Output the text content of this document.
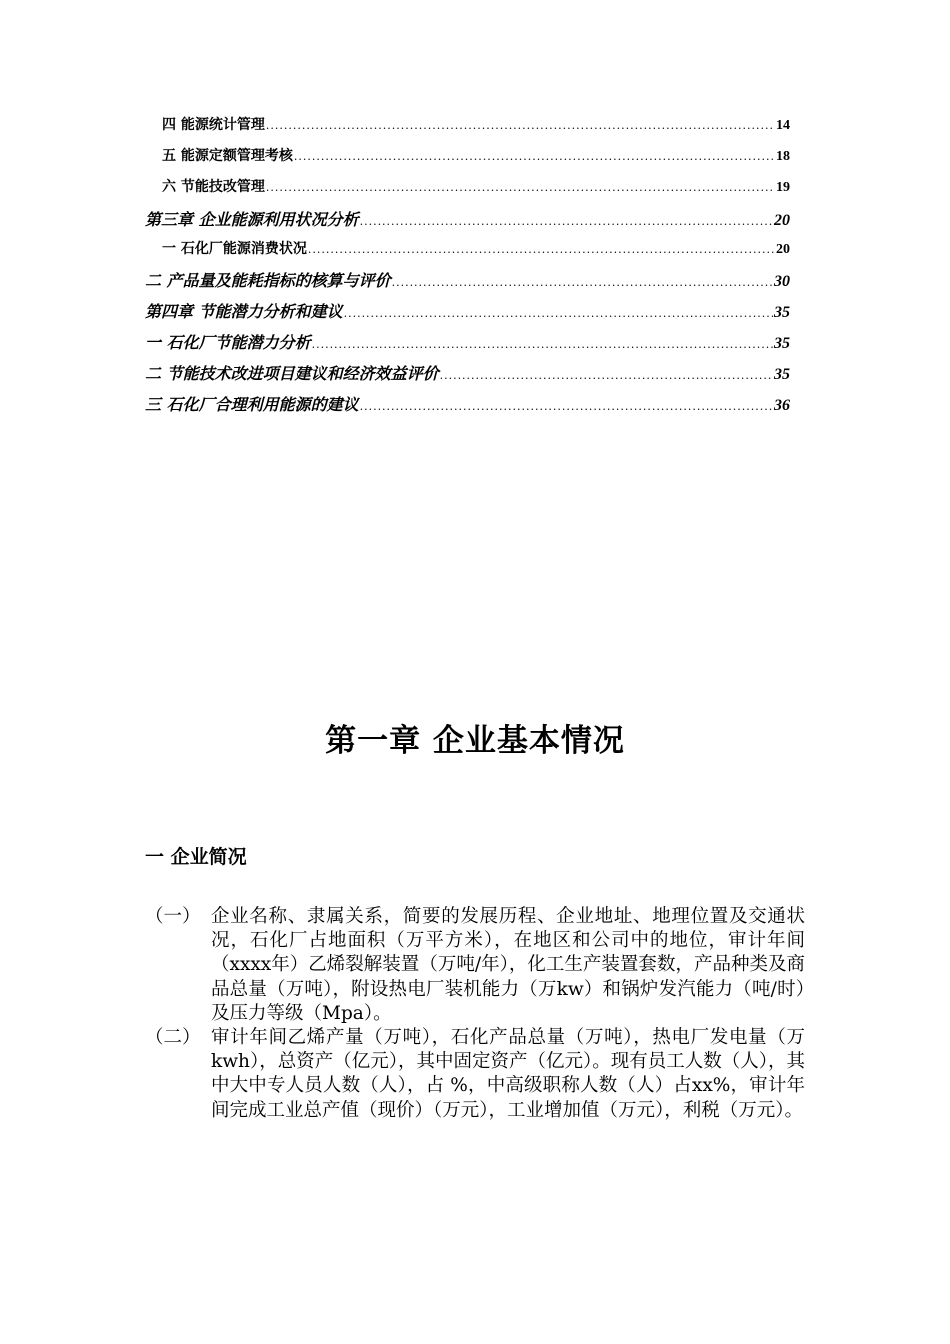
四 能源统计管理 .....	14
五 能源定额管理考核 .....	18
六 节能技改管理 .....	19
第三章 企业能源利用状况分析 .....	20
一 石化厂能源消费状况 .....	20
二 产品量及能耗指标的核算与评价 .....	30
第四章 节能潜力分析和建议 .....	35
一 石化厂节能潜力分析 .....	35
二 节能技术改进项目建议和经济效益评价 .....	35
三 石化厂合理利用能源的建议 .....	36
第一章 企业基本情况
一 企业简况
（一） 企业名称、隶属关系，简要的发展历程、企业地址、地理位置及交通状况，石化厂占地面积（万平方米），在地区和公司中的地位，审计年间（xxxx年）乙烯裂解装置（万吨/年），化工生产装置套数，产品种类及商品总量（万吨），附设热电厂装机能力（万kw）和锅炉发汽能力（吨/时）及压力等级（Mpa）。
（二） 审计年间乙烯产量（万吨），石化产品总量（万吨），热电厂发电量（万kwh），总资产（亿元），其中固定资产（亿元）。现有员工人数（人），其中大中专人员人数（人），占 %，中高级职称人数（人）占xx%，审计年间完成工业总产值（现价）（万元），工业增加值（万元），利税（万元）。
